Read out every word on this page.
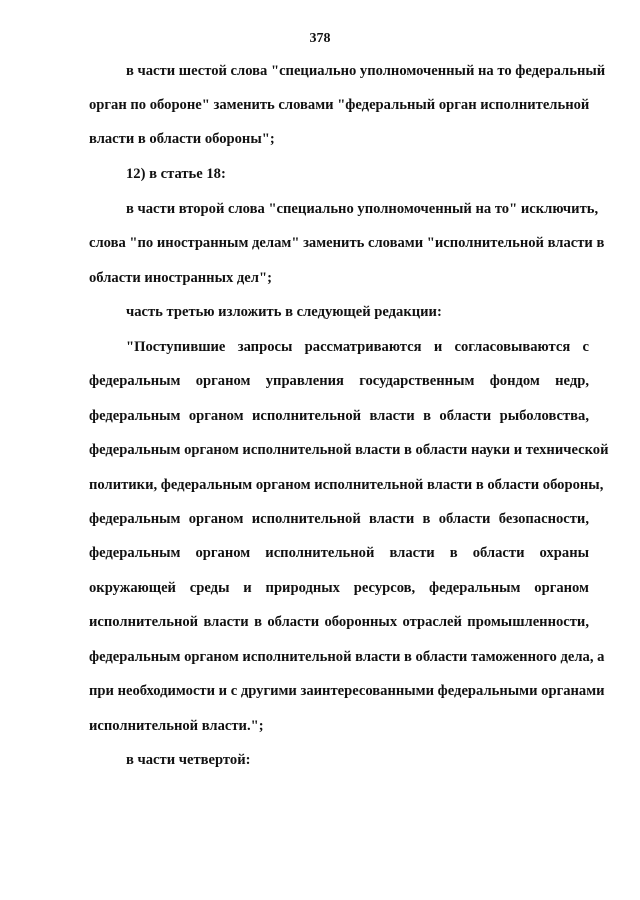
378
в части шестой слова "специально уполномоченный на то федеральный
орган по обороне" заменить словами "федеральный орган исполнительной
власти в области обороны";
12) в статье 18:
в части второй слова "специально уполномоченный на то" исключить,
слова "по иностранным делам" заменить словами "исполнительной власти в
области иностранных дел";
часть третью изложить в следующей редакции:
"Поступившие запросы рассматриваются и согласовываются с
федеральным органом управления государственным фондом недр,
федеральным органом исполнительной власти в области рыболовства,
федеральным органом исполнительной власти в области науки и технической
политики, федеральным органом исполнительной власти в области обороны,
федеральным органом исполнительной власти в области безопасности,
федеральным органом исполнительной власти в области охраны
окружающей среды и природных ресурсов, федеральным органом
исполнительной власти в области оборонных отраслей промышленности,
федеральным органом исполнительной власти в области таможенного дела, а
при необходимости и с другими заинтересованными федеральными органами
исполнительной власти.";
в части четвертой:
